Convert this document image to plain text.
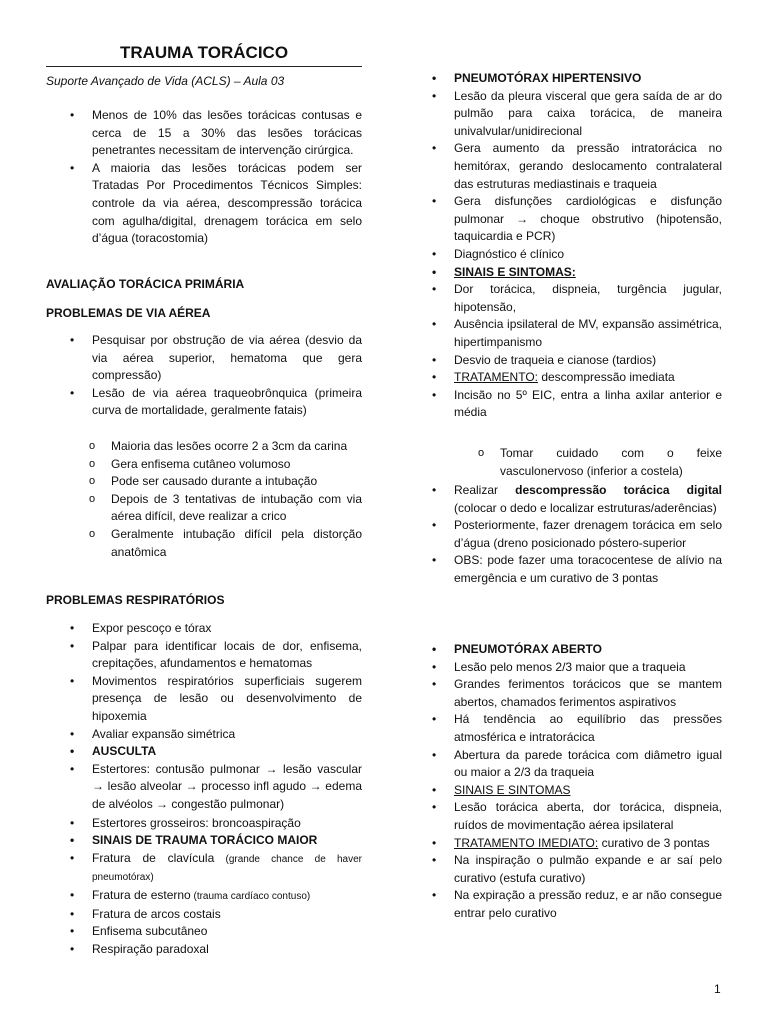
TRAUMA TORÁCICO
Suporte Avançado de Vida (ACLS) – Aula 03
• Menos de 10% das lesões torácicas contusas e cerca de 15 a 30% das lesões torácicas penetrantes necessitam de intervenção cirúrgica.
• A maioria das lesões torácicas podem ser Tratadas Por Procedimentos Técnicos Simples: controle da via aérea, descompressão torácica com agulha/digital, drenagem torácica em selo d’água (toracostomia)
AVALIAÇÃO TORÁCICA PRIMÁRIA
PROBLEMAS DE VIA AÉREA
• Pesquisar por obstrução de via aérea (desvio da via aérea superior, hematoma que gera compressão)
• Lesão de via aérea traqueobrônquica (primeira curva de mortalidade, geralmente fatais)
o Maioria das lesões ocorre 2 a 3cm da carina
o Gera enfisema cutâneo volumoso
o Pode ser causado durante a intubação
o Depois de 3 tentativas de intubação com via aérea difícil, deve realizar a crico
o Geralmente intubação difícil pela distorção anatômica
PROBLEMAS RESPIRATÓRIOS
• Expor pescoço e tórax
• Palpar para identificar locais de dor, enfisema, crepitações, afundamentos e hematomas
• Movimentos respiratórios superficiais sugerem presença de lesão ou desenvolvimento de hipoxemia
• Avaliar expansão simétrica
• AUSCULTA
• Estertores: contusão pulmonar → lesão vascular → lesão alveolar → processo infl agudo → edema de alvéolos → congestão pulmonar)
• Estertores grosseiros: broncoaspiração
• SINAIS DE TRAUMA TORÁCICO MAIOR
• Fratura de clavícula (grande chance de haver pneumotórax)
• Fratura de esterno (trauma cardíaco contuso)
• Fratura de arcos costais
• Enfisema subcutâneo
• Respiração paradoxal
• PNEUMOTÓRAX HIPERTENSIVO
• Lesão da pleura visceral que gera saída de ar do pulmão para caixa torácica, de maneira univalvular/unidirecional
• Gera aumento da pressão intratorácica no hemitórax, gerando deslocamento contralateral das estruturas mediastinais e traqueia
• Gera disfunções cardiológicas e disfunção pulmonar → choque obstrutivo (hipotensão, taquicardia e PCR)
• Diagnóstico é clínico
• SINAIS E SINTOMAS:
• Dor torácica, dispneia, turgência jugular, hipotensão,
• Ausência ipsilateral de MV, expansão assimétrica, hipertimpanismo
• Desvio de traqueia e cianose (tardios)
• TRATAMENTO: descompressão imediata
• Incisão no 5º EIC, entra a linha axilar anterior e média
o Tomar cuidado com o feixe vasculonervoso (inferior a costela)
• Realizar descompressão torácica digital (colocar o dedo e localizar estruturas/aderências)
• Posteriormente, fazer drenagem torácica em selo d’água (dreno posicionado póstero-superior
• OBS: pode fazer uma toracocentese de alívio na emergência e um curativo de 3 pontas
• PNEUMOTÓRAX ABERTO
• Lesão pelo menos 2/3 maior que a traqueia
• Grandes ferimentos torácicos que se mantem abertos, chamados ferimentos aspirativos
• Há tendência ao equilíbrio das pressões atmosférica e intratorácica
• Abertura da parede torácica com diâmetro igual ou maior a 2/3 da traqueia
• SINAIS E SINTOMAS
• Lesão torácica aberta, dor torácica, dispneia, ruídos de movimentação aérea ipsilateral
• TRATAMENTO IMEDIATO: curativo de 3 pontas
• Na inspiração o pulmão expande e ar saí pelo curativo (estufa curativo)
• Na expiração a pressão reduz, e ar não consegue entrar pelo curativo
1
